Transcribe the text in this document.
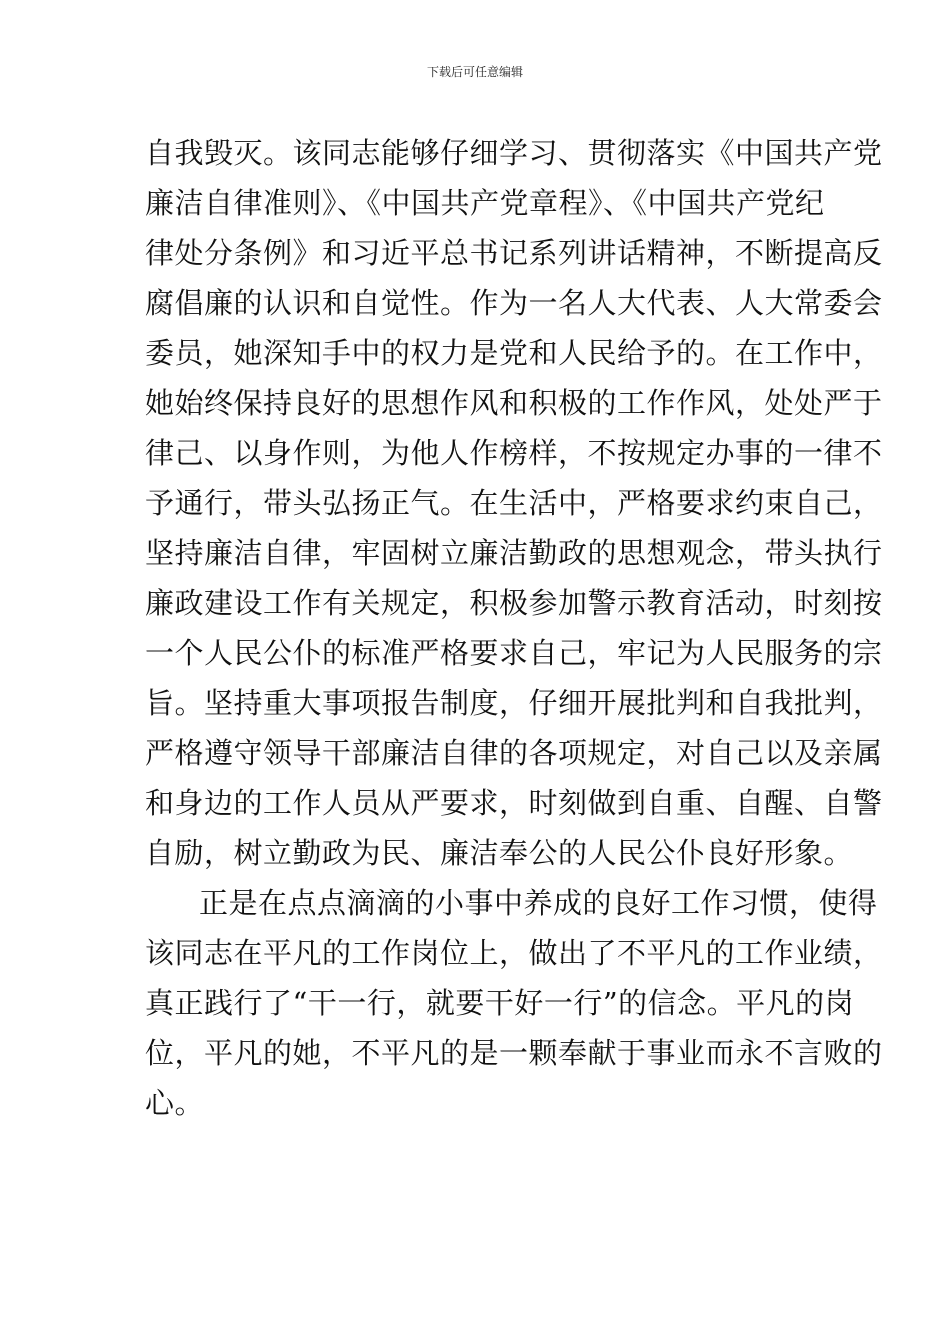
下载后可任意编辑
自我毁灭。该同志能够仔细学习、贯彻落实《中国共产党
廉洁自律准则》、《中国共产党章程》、《中国共产党纪
律处分条例》和习近平总书记系列讲话精神，不断提高反
腐倡廉的认识和自觉性。作为一名人大代表、人大常委会
委员，她深知手中的权力是党和人民给予的。在工作中，
她始终保持良好的思想作风和积极的工作作风，处处严于
律己、以身作则，为他人作榜样，不按规定办事的一律不
予通行，带头弘扬正气。在生活中，严格要求约束自己，
坚持廉洁自律，牢固树立廉洁勤政的思想观念，带头执行
廉政建设工作有关规定，积极参加警示教育活动，时刻按
一个人民公仆的标准严格要求自己，牢记为人民服务的宗
旨。坚持重大事项报告制度，仔细开展批判和自我批判，
严格遵守领导干部廉洁自律的各项规定，对自己以及亲属
和身边的工作人员从严要求，时刻做到自重、自醒、自警
自励，树立勤政为民、廉洁奉公的人民公仆良好形象。
正是在点点滴滴的小事中养成的良好工作习惯，使得
该同志在平凡的工作岗位上，做出了不平凡的工作业绩，
真正践行了“干一行，就要干好一行”的信念。平凡的岗
位，平凡的她，不平凡的是一颗奉献于事业而永不言败的
心。
